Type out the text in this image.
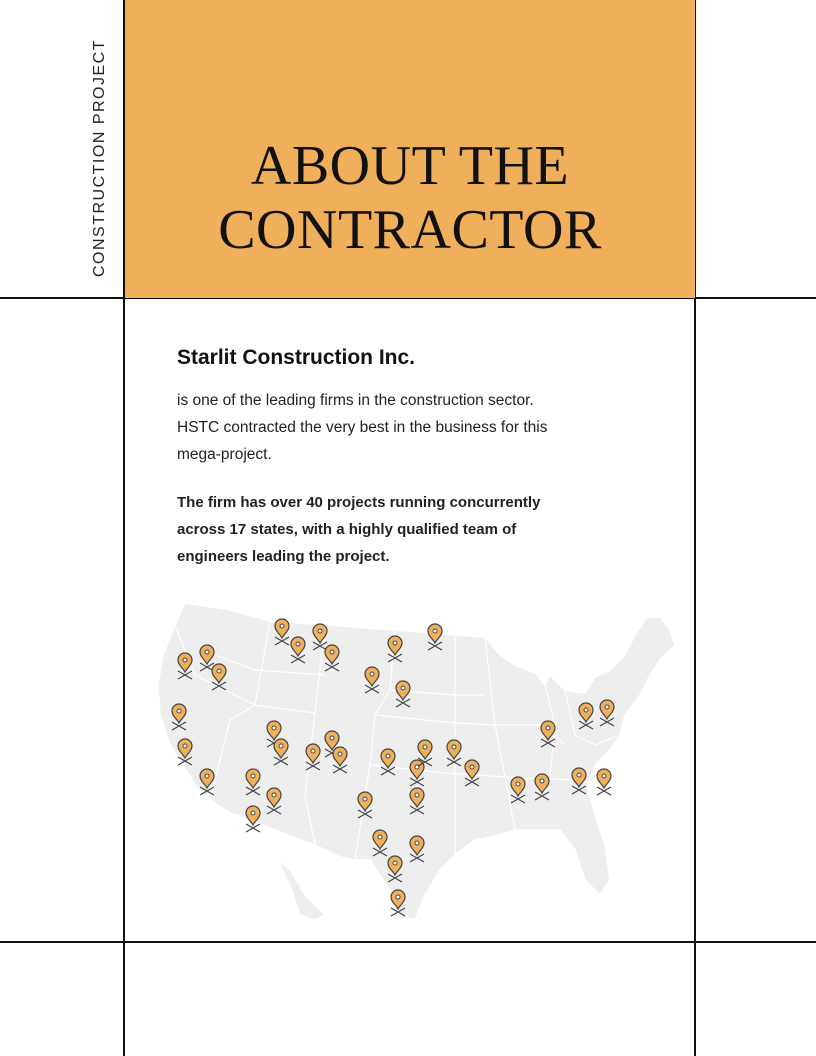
CONSTRUCTION PROJECT	ABOUT THE
CONTRACTOR
Starlit Construction Inc.

is one of the leading firms in the construction sector. HSTC contracted the very best in the business for this mega-project.

The firm has over 40 projects running concurrently across 17 states, with a highly qualified team of engineers leading the project.
